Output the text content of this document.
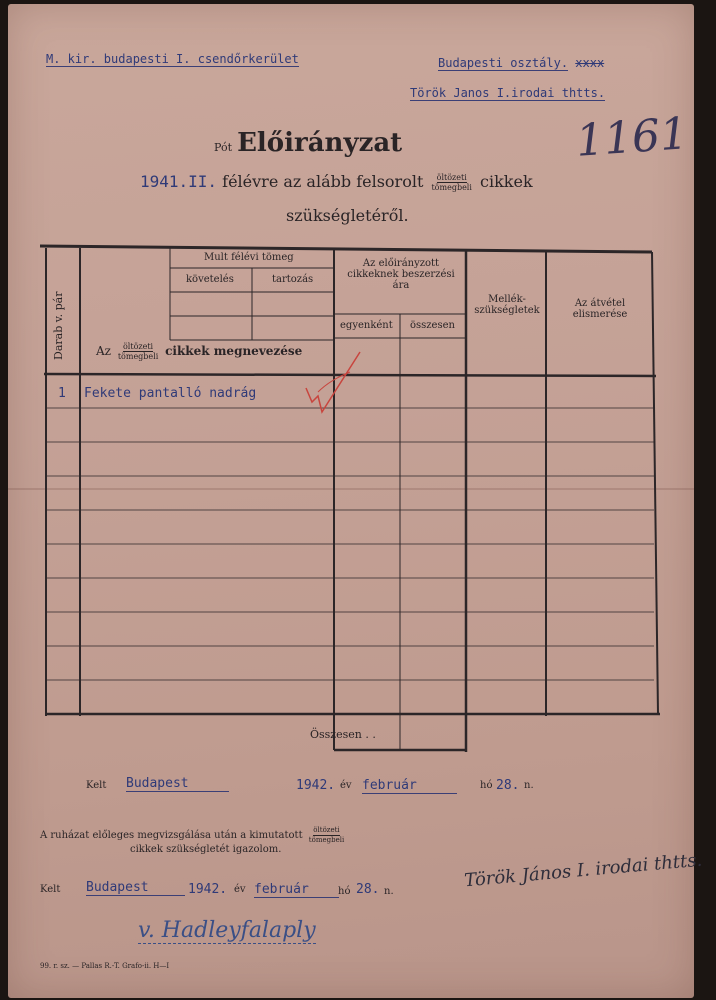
M. kir. budapesti I. csendőrkerület	Budapesti osztály. xxxx
Török Janos I.irodai thtts.
1161
Pót Előirányzat
1941.II. félévre az alább felsorolt $\frac{\text{öltözeti}}{\text{tömegbeli}}$ cikkek
szükségletéről.
Darab v. pár
Mult félévi tömeg
követelés	tartozás
Az $\frac{\text{öltözeti}}{\text{tömegbeli}}$ cikkek megnevezése
Az előirányzott
cikkeknek beszerzési
ára
egyenként összesen
Mellék-
szükségletek
Az átvétel
elismerése
1 Fekete pantalló nadrág
Összesen . .
Kelt Budapest	1942. év február	hó 28. n.
A ruházat előleges megvizsgálása után a kimutatott $\frac{\text{öltözeti}}{\text{tömegbeli}}$
cikkek szükségletét igazolom.
Kelt Budapest	1942. év február	hó 28. n.
Török János I. irodai thtts.
v. Hadleyfalaply
99. r. sz. — Pallas R.-T. Grafo-ii. H—I
